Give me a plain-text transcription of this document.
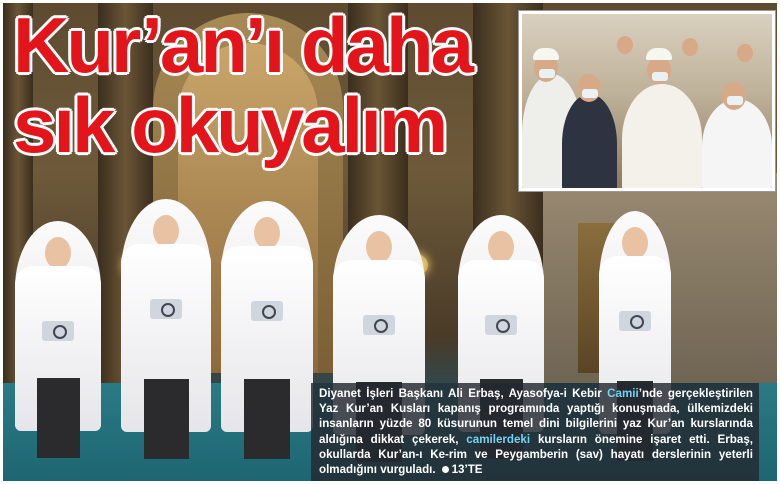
Kur’an’ı daha
sık okuyalım
Diyanet İşleri Başkanı Ali Erbaş, Ayasofya-i Kebir Camii’nde gerçekleştirilen Yaz Kur’an Kusları kapanış programında yaptığı konuşmada, ülkemizdeki insanların yüzde 80 küsurunun temel dini bilgilerini yaz Kur’an kurslarında aldığına dikkat çekerek, camilerdeki kursların önemine işaret etti. Erbaş, okullarda Kur’an-ı Ke-rim ve Peygamberin (sav) hayatı derslerinin yeterli olmadığını vurguladı. 13’TE
